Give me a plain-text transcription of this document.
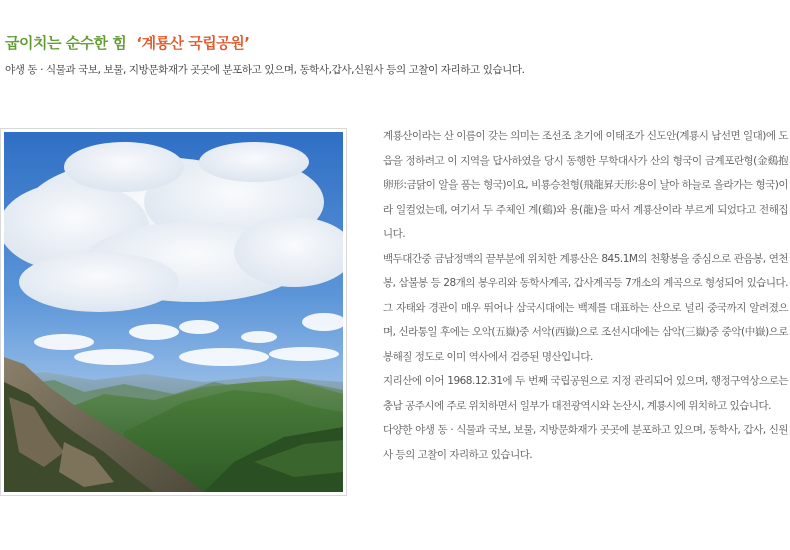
굽이치는 순수한 힘 ‘계룡산 국립공원’
야생 동 · 식물과 국보, 보물, 지방문화재가 곳곳에 분포하고 있으며, 동학사,갑사,신원사 등의 고찰이 자리하고 있습니다.

계룡산이라는 산 이름이 갖는 의미는 조선조 초기에 이태조가 신도안(계룡시 남선면 일대)에 도읍을 정하려고 이 지역을 답사하였을 당시 동행한 무학대사가 산의 형국이 금계포란형(金鷄抱卵形:금닭이 알을 품는 형국)이요, 비룡승천형(飛龍昇天形:용이 날아 하늘로 올라가는 형국)이라 일컬었는데, 여기서 두 주체인 계(鷄)와 용(龍)을 따서 계룡산이라 부르게 되었다고 전해집니다.

백두대간중 금남정맥의 끝부분에 위치한 계룡산은 845.1M의 천황봉을 중심으로 관음봉, 연천봉, 삼불봉 등 28개의 봉우리와 동학사계곡, 갑사계곡등 7개소의 계곡으로 형성되어 있습니다. 그 자태와 경관이 매우 뛰어나 삼국시대에는 백제를 대표하는 산으로 널리 중국까지 알려졌으며, 신라통일 후에는 오악(五嶽)중 서악(西嶽)으로 조선시대에는 삼악(三嶽)중 중악(中嶽)으로 봉해질 정도로 이미 역사에서 검증된 명산입니다.

지리산에 이어 1968.12.31에 두 번째 국립공원으로 지정 관리되어 있으며, 행정구역상으로는 충남 공주시에 주로 위치하면서 일부가 대전광역시와 논산시, 계룡시에 위치하고 있습니다.

다양한 야생 동 · 식물과 국보, 보물, 지방문화재가 곳곳에 분포하고 있으며, 동학사, 갑사, 신원사 등의 고찰이 자리하고 있습니다.
